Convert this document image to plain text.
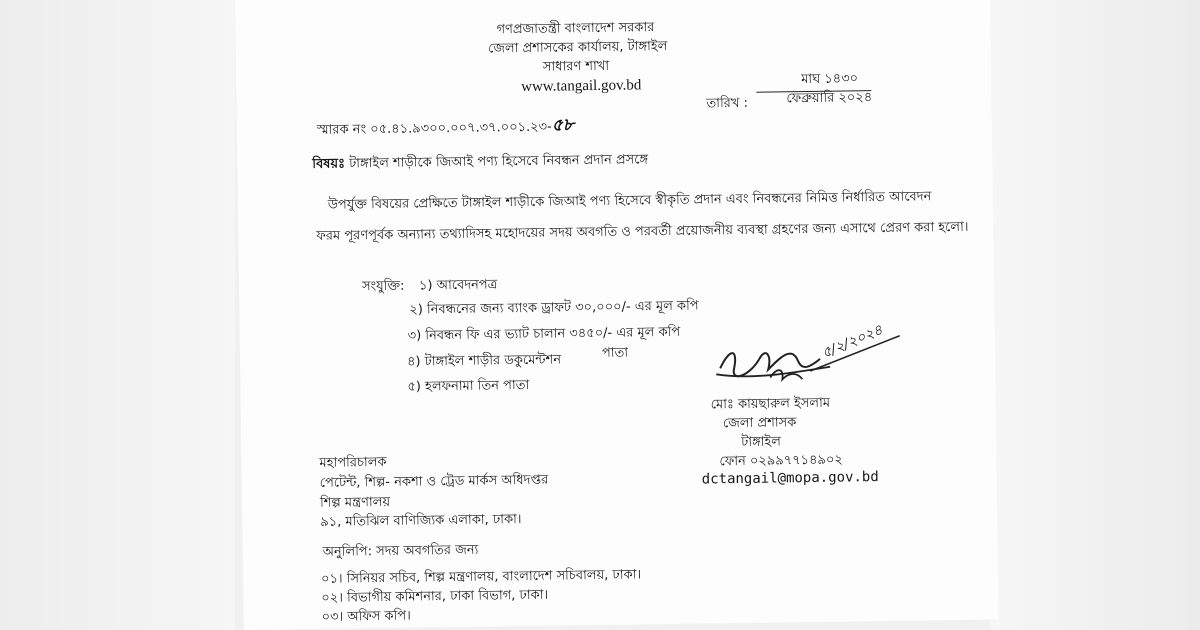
গণপ্রজাতন্ত্রী বাংলাদেশ সরকার
জেলা প্রশাসকের কার্যালয়, টাঙ্গাইল
সাধারণ শাখা
www.tangail.gov.bd	মাঘ ১৪৩০
তারিখ :	ফেব্রুয়ারি ২০২৪
স্মারক নং ০৫.৪১.৯৩০০.০০৭.৩৭.০০১.২৩-৫৮
বিষয়ঃ টাঙ্গাইল শাড়ীকে জিআই পণ্য হিসেবে নিবন্ধন প্রদান প্রসঙ্গে
উপর্যুক্ত বিষয়ের প্রেক্ষিতে টাঙ্গাইল শাড়ীকে জিআই পণ্য হিসেবে স্বীকৃতি প্রদান এবং নিবন্ধনের নিমিত্ত নির্ধারিত আবেদন
ফরম পূরণপূর্বক অন্যান্য তথ্যাদিসহ মহোদয়ের সদয় অবগতি ও পরবর্তী প্রয়োজনীয় ব্যবস্থা গ্রহণের জন্য এসাথে প্রেরণ করা হলো।
সংযুক্তি: ১) আবেদনপত্র
২) নিবন্ধনের জন্য ব্যাংক ড্রাফট ৩০,০০০/- এর মূল কপি
৩) নিবন্ধন ফি এর ভ্যাট চালান ৩৪৫০/- এর মূল কপি
৪) টাঙ্গাইল শাড়ীর ডকুমেন্টশন	পাতা
৫) হলফনামা তিন পাতা
৫/২/২০২৪
মোঃ কায়ছারুল ইসলাম
জেলা প্রশাসক
টাঙ্গাইল
ফোন ০২৯৯৭৭১৪৯০২
dctangail@mopa.gov.bd
মহাপরিচালক
পেটেন্ট, শিল্প- নকশা ও ট্রেড মার্কস অধিদপ্তর
শিল্প মন্ত্রণালয়
৯১, মতিঝিল বাণিজ্যিক এলাকা, ঢাকা।
অনুলিপি: সদয় অবগতির জন্য
০১। সিনিয়র সচিব, শিল্প মন্ত্রণালয়, বাংলাদেশ সচিবালয়, ঢাকা।
০২। বিভাগীয় কমিশনার, ঢাকা বিভাগ, ঢাকা।
০৩। অফিস কপি।
